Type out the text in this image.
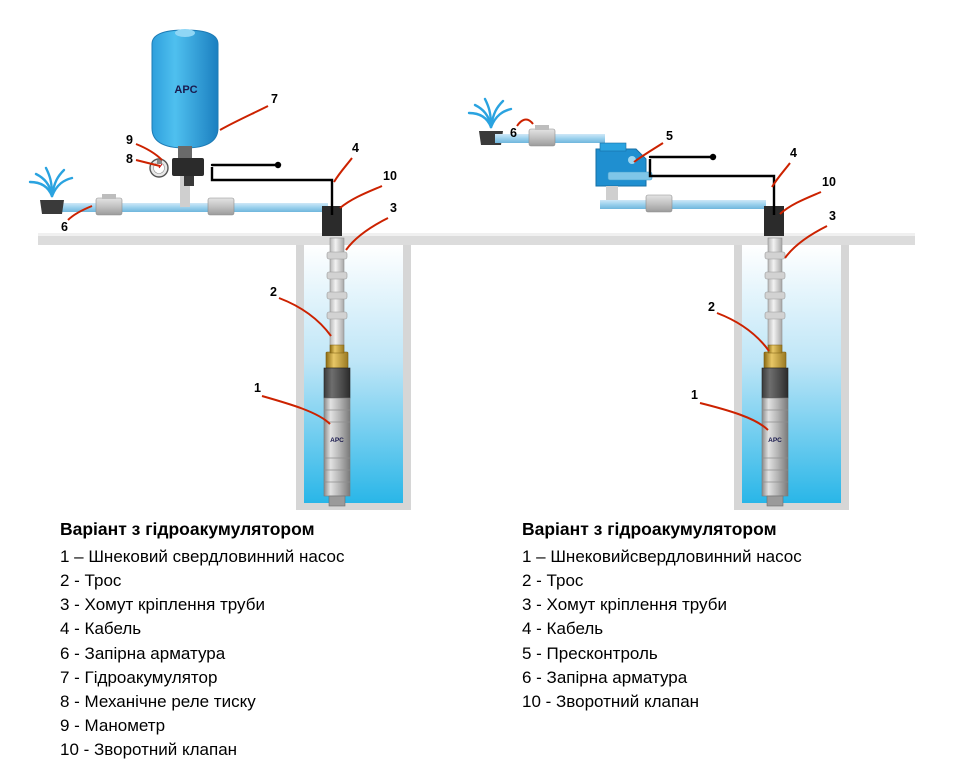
APC	APC
APC
1
2
3
4
10
6
7
8
9
1
2
3
4
10
6	5
Варіант з гідроакумулятором
1 – Шнековий свердловинний насос
2 - Трос
3 - Хомут кріплення труби
4 - Кабель
6 - Запірна арматура
7 - Гідроакумулятор
8 - Механічне реле тиску
9 - Манометр
10 - Зворотний клапан
Варіант з гідроакумулятором
1 – Шнековийсвердловинний насос
2 - Трос
3 - Хомут кріплення труби
4 - Кабель
5 - Пресконтроль
6 - Запірна арматура
10 - Зворотний клапан
